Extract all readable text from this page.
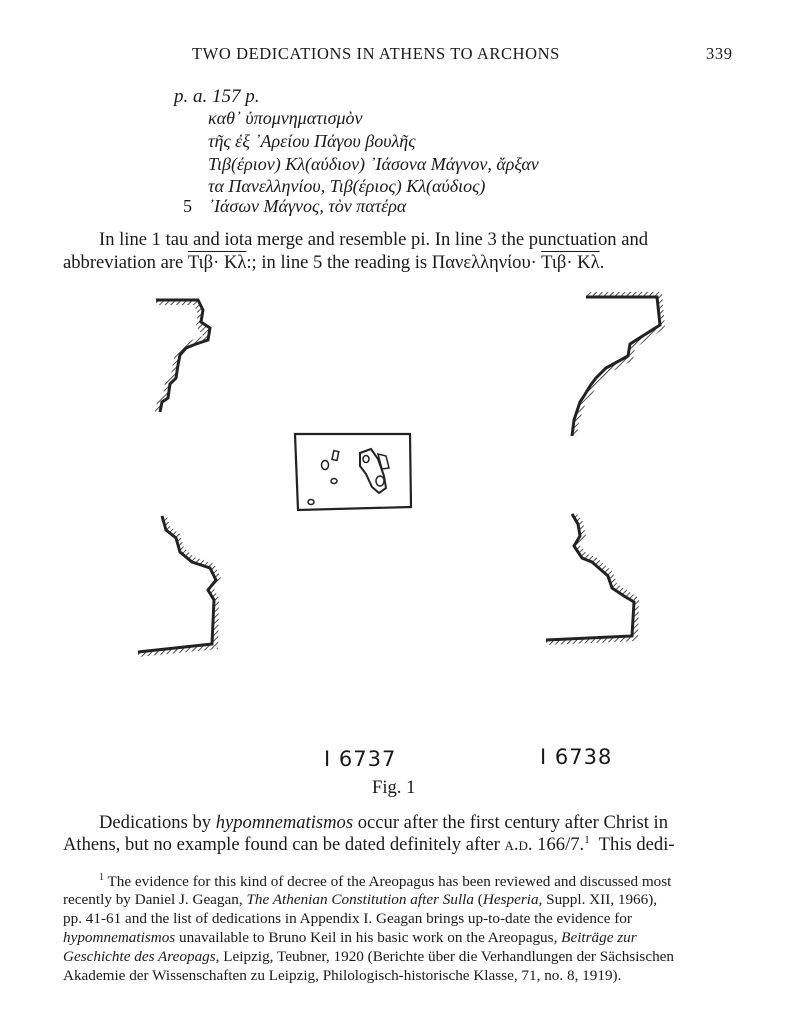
TWO DEDICATIONS IN ATHENS TO ARCHONS	339
p. a. 157 p.
καθ᾽ ὑπομνηματισμὸν
τῆς ἐξ ᾽Αρείου Πάγου βουλῆς
Τιβ(έριον) Κλ(αύδιον) ᾽Ιάσονα Μάγνον, ἄρξαν
τα Πανελληνίου, Τιβ(έριος) Κλ(αύδιος)
5 ᾽Ιάσων Μάγνος, τὸν πατέρα
In line 1 tau and iota merge and resemble pi. In line 3 the punctuation and
abbreviation are Τιβ· Κλ:; in line 5 the reading is Πανελληνίου· Τιβ· Κλ.
I 6737	I 6738
Fig. 1
Dedications by hypomnematismos occur after the first century after Christ in
Athens, but no example found can be dated definitely after a.d. 166/7.$^1$  This dedi-
$^1$ The evidence for this kind of decree of the Areopagus has been reviewed and discussed most
recently by Daniel J. Geagan, The Athenian Constitution after Sulla (Hesperia, Suppl. XII, 1966),
pp. 41-61 and the list of dedications in Appendix I. Geagan brings up-to-date the evidence for
hypomnematismos unavailable to Bruno Keil in his basic work on the Areopagus, Beiträge zur
Geschichte des Areopags, Leipzig, Teubner, 1920 (Berichte über die Verhandlungen der Sächsischen
Akademie der Wissenschaften zu Leipzig, Philologisch-historische Klasse, 71, no. 8, 1919).
